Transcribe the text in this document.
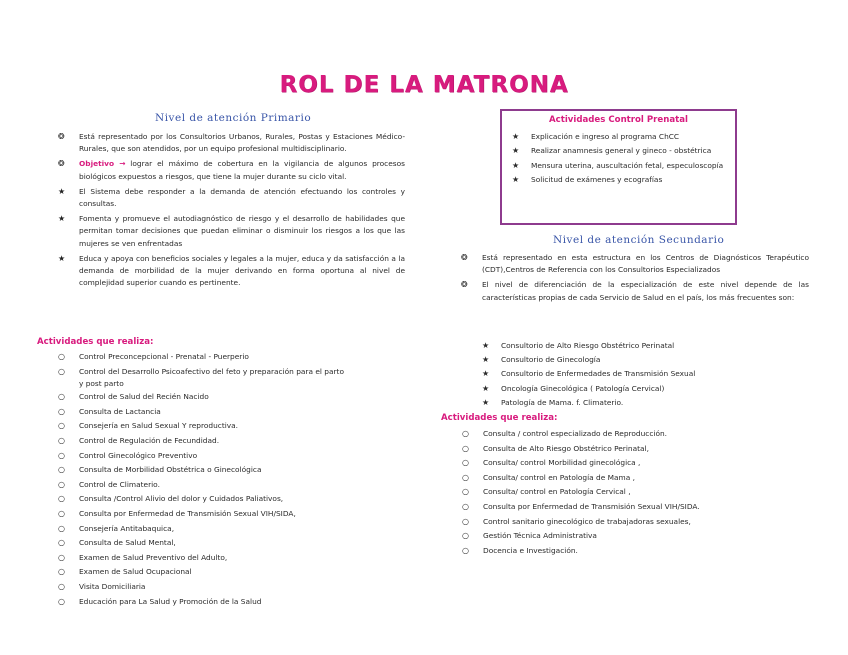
ROL DE LA MATRONA
Nivel de atención Primario
❂ Está representado por los Consultorios Urbanos, Rurales, Postas y Estaciones Médico-Rurales, que son atendidos, por un equipo profesional multidisciplinario.
❂ Objetivo → lograr el máximo de cobertura en la vigilancia de algunos procesos biológicos expuestos a riesgos, que tiene la mujer durante su ciclo vital.
★ El Sistema debe responder a la demanda de atención efectuando los controles y consultas.
★ Fomenta y promueve el autodiagnóstico de riesgo y el desarrollo de habilidades que permitan tomar decisiones que puedan eliminar o disminuir los riesgos a los que las mujeres se ven enfrentadas
★ Educa y apoya con beneficios sociales y legales a la mujer, educa y da satisfacción a la demanda de morbilidad de la mujer derivando en forma oportuna al nivel de complejidad superior cuando es pertinente.
Actividades que realiza:
○ Control Preconcepcional - Prenatal - Puerperio
○ Control del Desarrollo Psicoafectivo del feto y preparación para el parto
y post parto
○ Control de Salud del Recién Nacido
○ Consulta de Lactancia
○ Consejería en Salud Sexual Y reproductiva.
○ Control de Regulación de Fecundidad.
○ Control Ginecológico Preventivo
○ Consulta de Morbilidad Obstétrica o Ginecológica
○ Control de Climaterio.
○ Consulta /Control Alivio del dolor y Cuidados Paliativos,
○ Consulta por Enfermedad de Transmisión Sexual VIH/SIDA,
○ Consejería Antitabaquica,
○ Consulta de Salud Mental,
○ Examen de Salud Preventivo del Adulto,
○ Examen de Salud Ocupacional
○ Visita Domiciliaria
○ Educación para La Salud y Promoción de la Salud
Actividades Control Prenatal
★ Explicación e ingreso al programa ChCC
★ Realizar anamnesis general y gineco - obstétrica
★ Mensura uterina, auscultación fetal, especuloscopía
★ Solicitud de exámenes y ecografías
Nivel de atención Secundario
❂ Está representado en esta estructura en los Centros de Diagnósticos Terapéutico (CDT),Centros de Referencia con los Consultorios Especializados
❂ El nivel de diferenciación de la especialización de este nivel depende de las características propias de cada Servicio de Salud en el país, los más frecuentes son:
★ Consultorio de Alto Riesgo Obstétrico Perinatal
★ Consultorio de Ginecología
★ Consultorio de Enfermedades de Transmisión Sexual
★ Oncología Ginecológica ( Patología Cervical)
★ Patología de Mama. f. Climaterio.
Actividades que realiza:
○ Consulta / control especializado de Reproducción.
○ Consulta de Alto Riesgo Obstétrico Perinatal,
○ Consulta/ control Morbilidad ginecológica ,
○ Consulta/ control en Patología de Mama ,
○ Consulta/ control en Patología Cervical ,
○ Consulta por Enfermedad de Transmisión Sexual VIH/SIDA.
○ Control sanitario ginecológico de trabajadoras sexuales,
○ Gestión Técnica Administrativa
○ Docencia e Investigación.
